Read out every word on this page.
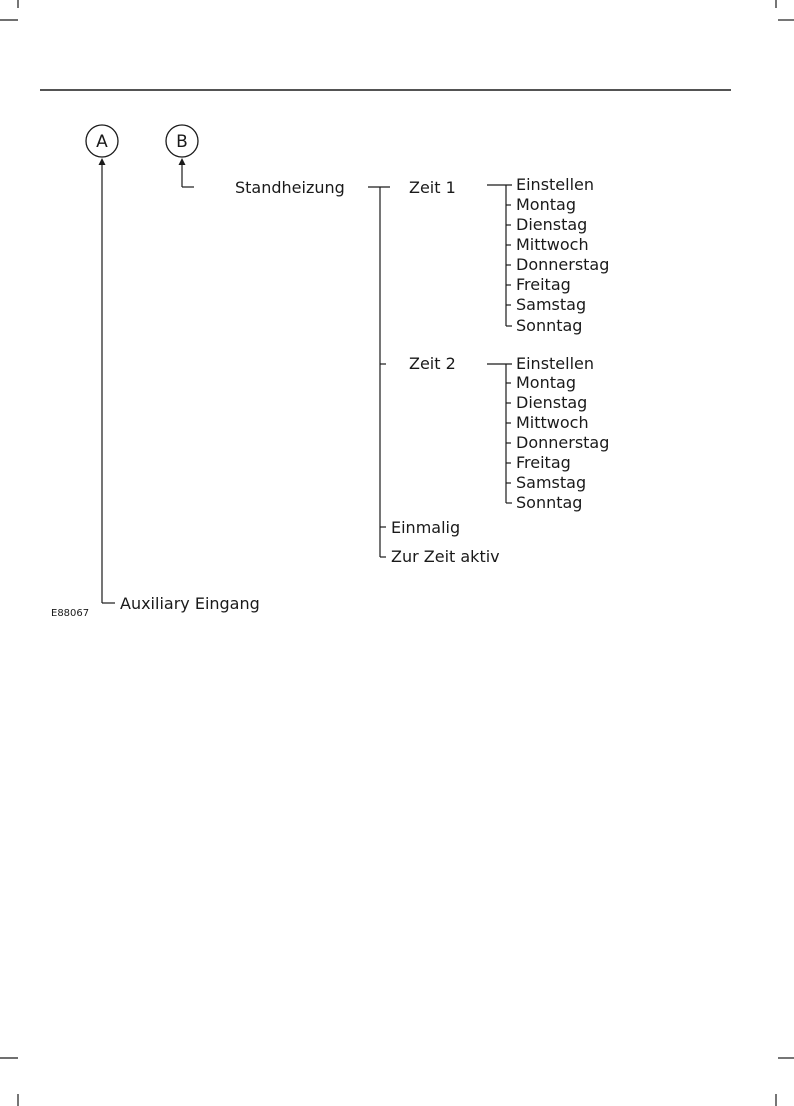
A	B
Standheizung	Zeit 1	Einstellen
Montag
Dienstag
Mittwoch
Donnerstag
Freitag
Samstag
Sonntag
Zeit 2	Einstellen
Montag
Dienstag
Mittwoch
Donnerstag
Freitag
Samstag
Sonntag
Einmalig
Zur Zeit aktiv
Auxiliary Eingang
E88067
